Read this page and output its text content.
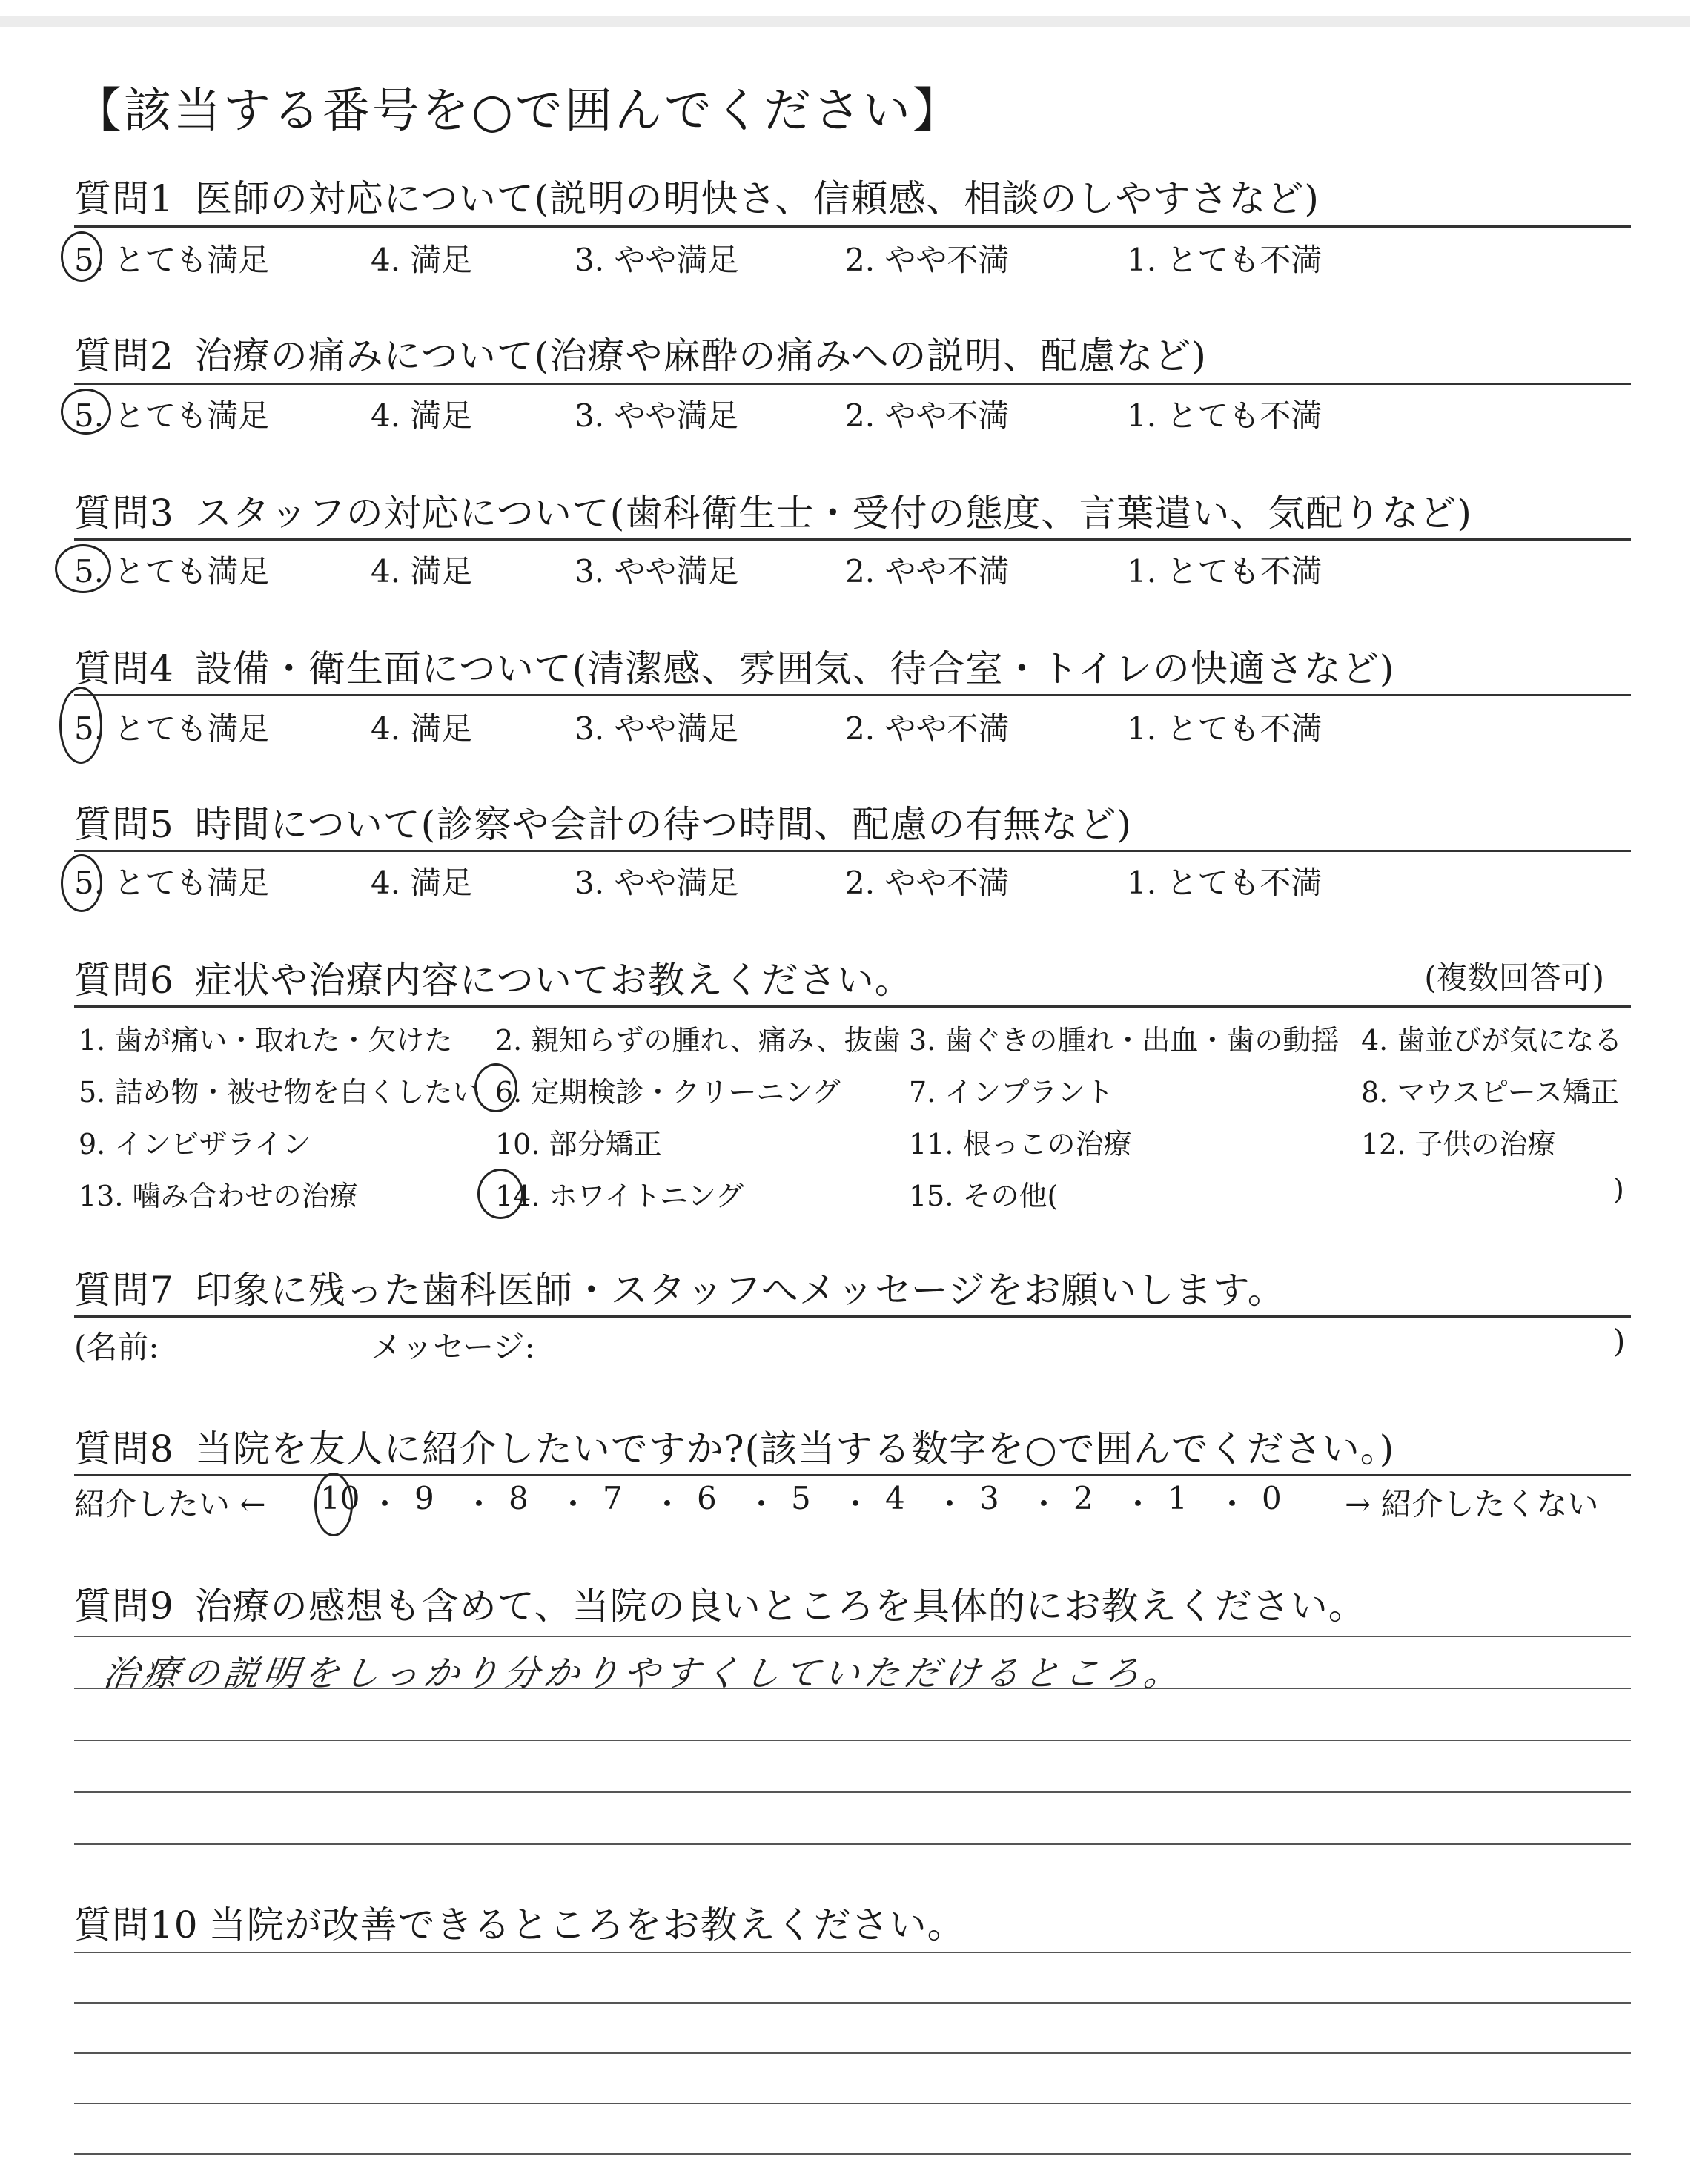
【該当する番号を○で囲んでください】
質問1 医師の対応について(説明の明快さ、信頼感、相談のしやすさなど)
5. とても満足	4. 満足	3. やや満足	2. やや不満	1. とても不満
質問2 治療の痛みについて(治療や麻酔の痛みへの説明、配慮など)
5. とても満足	4. 満足	3. やや満足	2. やや不満	1. とても不満
質問3 スタッフの対応について(歯科衛生士・受付の態度、言葉遣い、気配りなど)
5. とても満足	4. 満足	3. やや満足	2. やや不満	1. とても不満
質問4 設備・衛生面について(清潔感、雰囲気、待合室・トイレの快適さなど)
5. とても満足	4. 満足	3. やや満足	2. やや不満	1. とても不満
質問5 時間について(診察や会計の待つ時間、配慮の有無など)
5. とても満足	4. 満足	3. やや満足	2. やや不満	1. とても不満
質問6 症状や治療内容についてお教えください。	(複数回答可)
1. 歯が痛い・取れた・欠けた 2. 親知らずの腫れ、痛み、抜歯 3. 歯ぐきの腫れ・出血・歯の動揺 4. 歯並びが気になる
5. 詰め物・被せ物を白くしたい 6. 定期検診・クリーニング 7. インプラント	8. マウスピース矯正
9. インビザライン	10. 部分矯正	11. 根っこの治療	12. 子供の治療
13. 噛み合わせの治療	14. ホワイトニング	15. その他(	)
質問7 印象に残った歯科医師・スタッフへメッセージをお願いします。
(名前:	メッセージ:	)
質問8 当院を友人に紹介したいですか?(該当する数字を○で囲んでください。)
紹介したい ← 10 ・ 9 ・ 8 ・ 7 ・ 6 ・ 5 ・ 4 ・ 3 ・ 2 ・ 1 ・ 0 → 紹介したくない
質問9 治療の感想も含めて、当院の良いところを具体的にお教えください。
治療の説明をしっかり分かりやすくしていただけるところ。
質問10 当院が改善できるところをお教えください。
